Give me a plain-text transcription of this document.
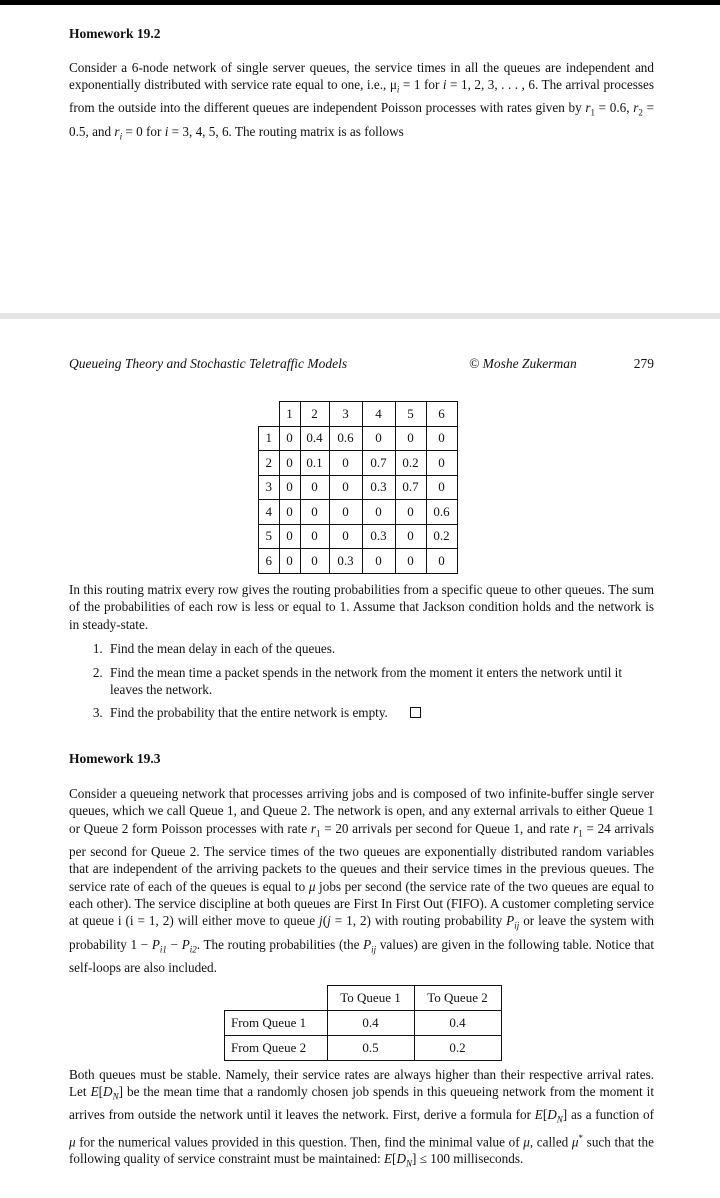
Homework 19.2

Consider a 6-node network of single server queues, the service times in all the queues are independent and exponentially distributed with service rate equal to one, i.e., $\mu_i = 1$ for i = 1, 2, 3, . . . , 6. The arrival processes from the outside into the different queues are independent Poisson processes with rates given by $r_1 = 0.6$, $r_2 = 0.5$, and $r_i = 0$ for i = 3, 4, 5, 6. The routing matrix is as follows

Queueing Theory and Stochastic Teletraffic Models	© Moshe Zukerman	279
	1	2	3	4	5	6
1	0	0.4	0.6	0	0	0
2	0	0.1	0	0.7	0.2	0
3	0	0	0	0.3	0.7	0
4	0	0	0	0	0	0.6
5	0	0	0	0.3	0	0.2
6	0	0	0.3	0	0	0

In this routing matrix every row gives the routing probabilities from a specific queue to other queues. The sum of the probabilities of each row is less or equal to 1. Assume that Jackson condition holds and the network is in steady-state.

1. Find the mean delay in each of the queues.
2. Find the mean time a packet spends in the network from the moment it enters the network until it leaves the network.
3. Find the probability that the entire network is empty.
Homework 19.3

Consider a queueing network that processes arriving jobs and is composed of two infinite-buffer single server queues, which we call Queue 1, and Queue 2. The network is open, and any external arrivals to either Queue 1 or Queue 2 form Poisson processes with rate $r_1 = 20$ arrivals per second for Queue 1, and rate $r_1 = 24$ arrivals per second for Queue 2. The service times of the two queues are exponentially distributed random variables that are independent of the arriving packets to the queues and their service times in the previous queues. The service rate of each of the queues is equal to μ jobs per second (the service rate of the two queues are equal to each other). The service discipline at both queues are First In First Out (FIFO). A customer completing service at queue i (i = 1, 2) will either move to queue j(j = 1, 2) with routing probability $P_{ij}$ or leave the system with probability $1 - P_{i1} - P_{i2}$. The routing probabilities (the $P_{ij}$ values) are given in the following table. Notice that self-loops are also included.

	To Queue 1	To Queue 2
From Queue 1	0.4	0.4
From Queue 2	0.5	0.2

Both queues must be stable. Namely, their service rates are always higher than their respective arrival rates. Let $E[D_N]$ be the mean time that a randomly chosen job spends in this queueing network from the moment it arrives from outside the network until it leaves the network. First, derive a formula for $E[D_N]$ as a function of μ for the numerical values provided in this question. Then, find the minimal value of μ, called μ* such that the following quality of service constraint must be maintained: $E[D_N] \le 100$ milliseconds.
